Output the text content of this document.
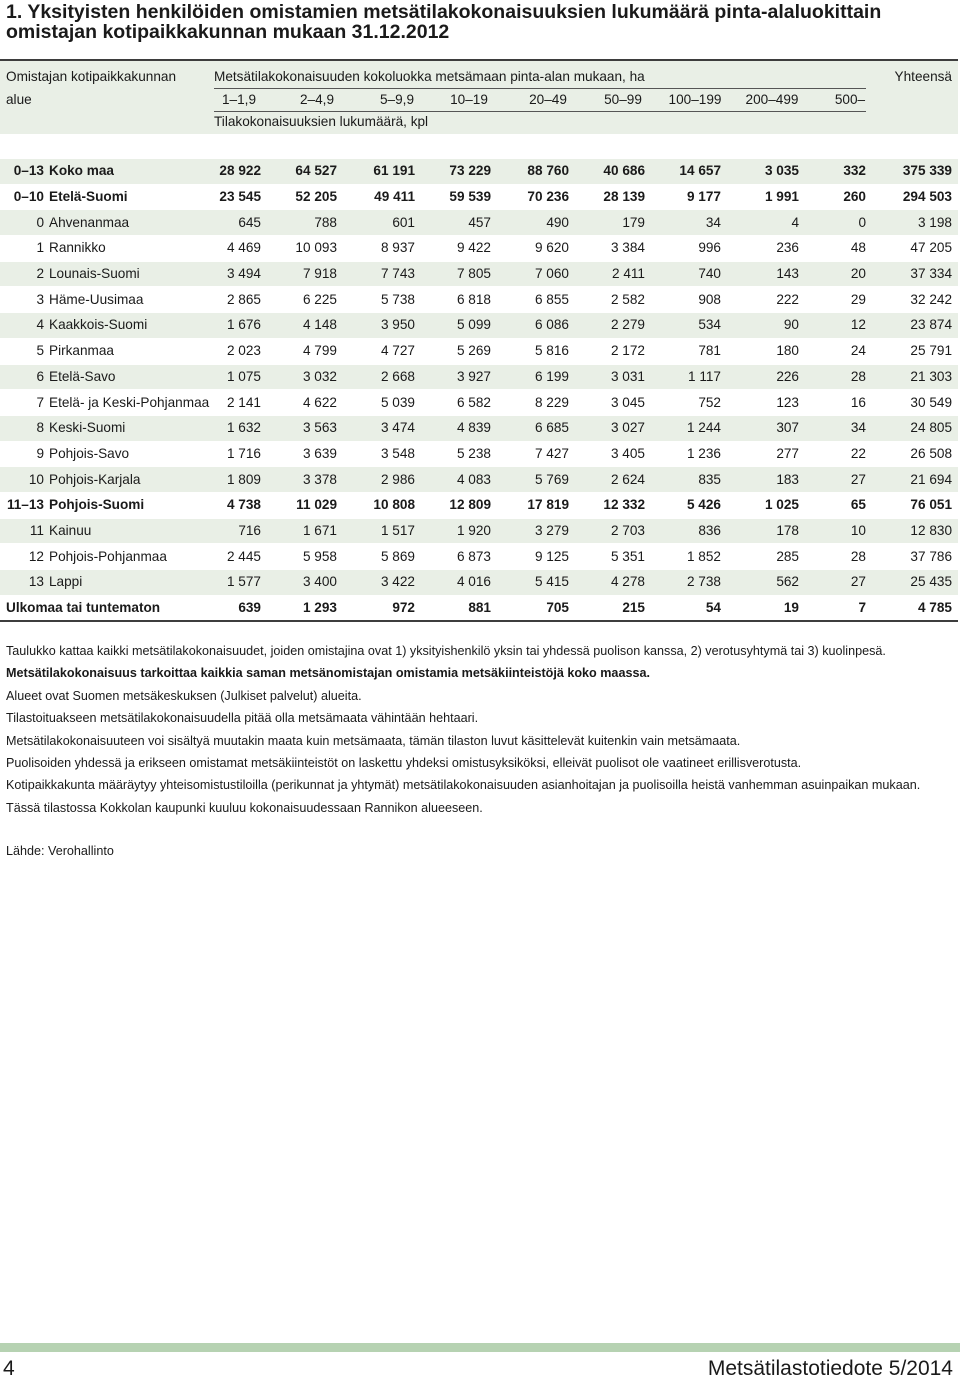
1. Yksityisten henkilöiden omistamien metsätilakokonaisuuksien lukumäärä pinta-alaluokittain omistajan kotipaikkakunnan mukaan 31.12.2012
Omistajan kotipaikkakunnan
alue
Metsätilakokonaisuuden kokoluokka metsämaan pinta-alan mukaan, ha	Yhteensä
1–1,9	2–4,9	5–9,9	10–19	20–49	50–99	100–199 200–499	500–
Tilakokonaisuuksien lukumäärä, kpl
0–13	Koko maa	28 922	64 527	61 191	73 229	88 760	40 686	14 657	3 035	332	375 339
0–10	Etelä-Suomi	23 545	52 205	49 411	59 539	70 236	28 139	9 177	1 991	260	294 503
0	Ahvenanmaa	645	788	601	457	490	179	34	4	0	3 198
1	Rannikko	4 469	10 093	8 937	9 422	9 620	3 384	996	236	48	47 205
2	Lounais-Suomi	3 494	7 918	7 743	7 805	7 060	2 411	740	143	20	37 334
3	Häme-Uusimaa	2 865	6 225	5 738	6 818	6 855	2 582	908	222	29	32 242
4	Kaakkois-Suomi	1 676	4 148	3 950	5 099	6 086	2 279	534	90	12	23 874
5	Pirkanmaa	2 023	4 799	4 727	5 269	5 816	2 172	781	180	24	25 791
6	Etelä-Savo	1 075	3 032	2 668	3 927	6 199	3 031	1 117	226	28	21 303
7	Etelä- ja Keski-Pohjanmaa	2 141	4 622	5 039	6 582	8 229	3 045	752	123	16	30 549
8	Keski-Suomi	1 632	3 563	3 474	4 839	6 685	3 027	1 244	307	34	24 805
9	Pohjois-Savo	1 716	3 639	3 548	5 238	7 427	3 405	1 236	277	22	26 508
10	Pohjois-Karjala	1 809	3 378	2 986	4 083	5 769	2 624	835	183	27	21 694
11–13	Pohjois-Suomi	4 738	11 029	10 808	12 809	17 819	12 332	5 426	1 025	65	76 051
11	Kainuu	716	1 671	1 517	1 920	3 279	2 703	836	178	10	12 830
12	Pohjois-Pohjanmaa	2 445	5 958	5 869	6 873	9 125	5 351	1 852	285	28	37 786
13	Lappi	1 577	3 400	3 422	4 016	5 415	4 278	2 738	562	27	25 435
Ulkomaa tai tuntematon		639	1 293	972	881	705	215	54	19	7	4 785

Taulukko kattaa kaikki metsätilakokonaisuudet, joiden omistajina ovat 1) yksityishenkilö yksin tai yhdessä puolison kanssa, 2) verotusyhtymä tai 3) kuolinpesä.

Metsätilakokonaisuus tarkoittaa kaikkia saman metsänomistajan omistamia metsäkiinteistöjä koko maassa.

Alueet ovat Suomen metsäkeskuksen (Julkiset palvelut) alueita.

Tilastoituakseen metsätilakokonaisuudella pitää olla metsämaata vähintään hehtaari.

Metsätilakokonaisuuteen voi sisältyä muutakin maata kuin metsämaata, tämän tilaston luvut käsittelevät kuitenkin vain metsämaata.

Puolisoiden yhdessä ja erikseen omistamat metsäkiinteistöt on laskettu yhdeksi omistusyksiköksi, elleivät puolisot ole vaatineet erillisverotusta.

Kotipaikkakunta määräytyy yhteisomistustiloilla (perikunnat ja yhtymät) metsätilakokonaisuuden asianhoitajan ja puolisoilla heistä vanhemman asuinpaikan mukaan.

Tässä tilastossa Kokkolan kaupunki kuuluu kokonaisuudessaan Rannikon alueeseen.

Lähde: Verohallinto
4	Metsätilastotiedote 5/2014
